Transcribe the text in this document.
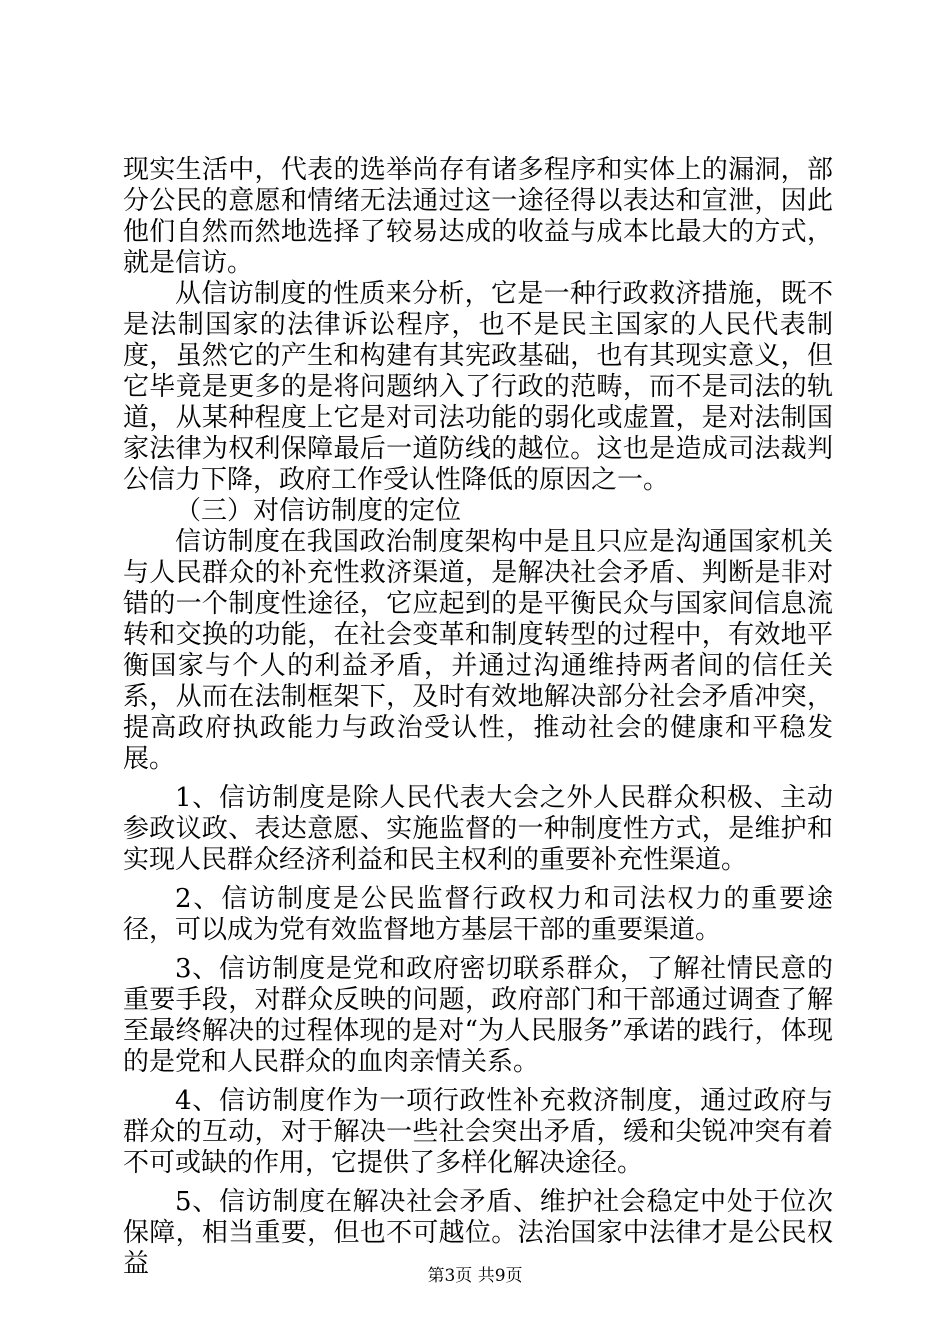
现实生活中，代表的选举尚存有诸多程序和实体上的漏洞，部分公民的意愿和情绪无法通过这一途径得以表达和宣泄，因此他们自然而然地选择了较易达成的收益与成本比最大的方式，就是信访。

从信访制度的性质来分析，它是一种行政救济措施，既不是法制国家的法律诉讼程序，也不是民主国家的人民代表制度，虽然它的产生和构建有其宪政基础，也有其现实意义，但它毕竟是更多的是将问题纳入了行政的范畴，而不是司法的轨道，从某种程度上它是对司法功能的弱化或虚置，是对法制国家法律为权利保障最后一道防线的越位。这也是造成司法裁判公信力下降，政府工作受认性降低的原因之一。

（三）对信访制度的定位

信访制度在我国政治制度架构中是且只应是沟通国家机关与人民群众的补充性救济渠道，是解决社会矛盾、判断是非对错的一个制度性途径，它应起到的是平衡民众与国家间信息流转和交换的功能，在社会变革和制度转型的过程中，有效地平衡国家与个人的利益矛盾，并通过沟通维持两者间的信任关系，从而在法制框架下，及时有效地解决部分社会矛盾冲突，提高政府执政能力与政治受认性，推动社会的健康和平稳发展。

1、信访制度是除人民代表大会之外人民群众积极、主动参政议政、表达意愿、实施监督的一种制度性方式，是维护和实现人民群众经济利益和民主权利的重要补充性渠道。

2、信访制度是公民监督行政权力和司法权力的重要途径，可以成为党有效监督地方基层干部的重要渠道。

3、信访制度是党和政府密切联系群众，了解社情民意的重要手段，对群众反映的问题，政府部门和干部通过调查了解至最终解决的过程体现的是对“为人民服务”承诺的践行，体现的是党和人民群众的血肉亲情关系。

4、信访制度作为一项行政性补充救济制度，通过政府与群众的互动，对于解决一些社会突出矛盾，缓和尖锐冲突有着不可或缺的作用，它提供了多样化解决途径。

5、信访制度在解决社会矛盾、维护社会稳定中处于位次保障，相当重要，但也不可越位。法治国家中法律才是公民权益	第3页 共9页
